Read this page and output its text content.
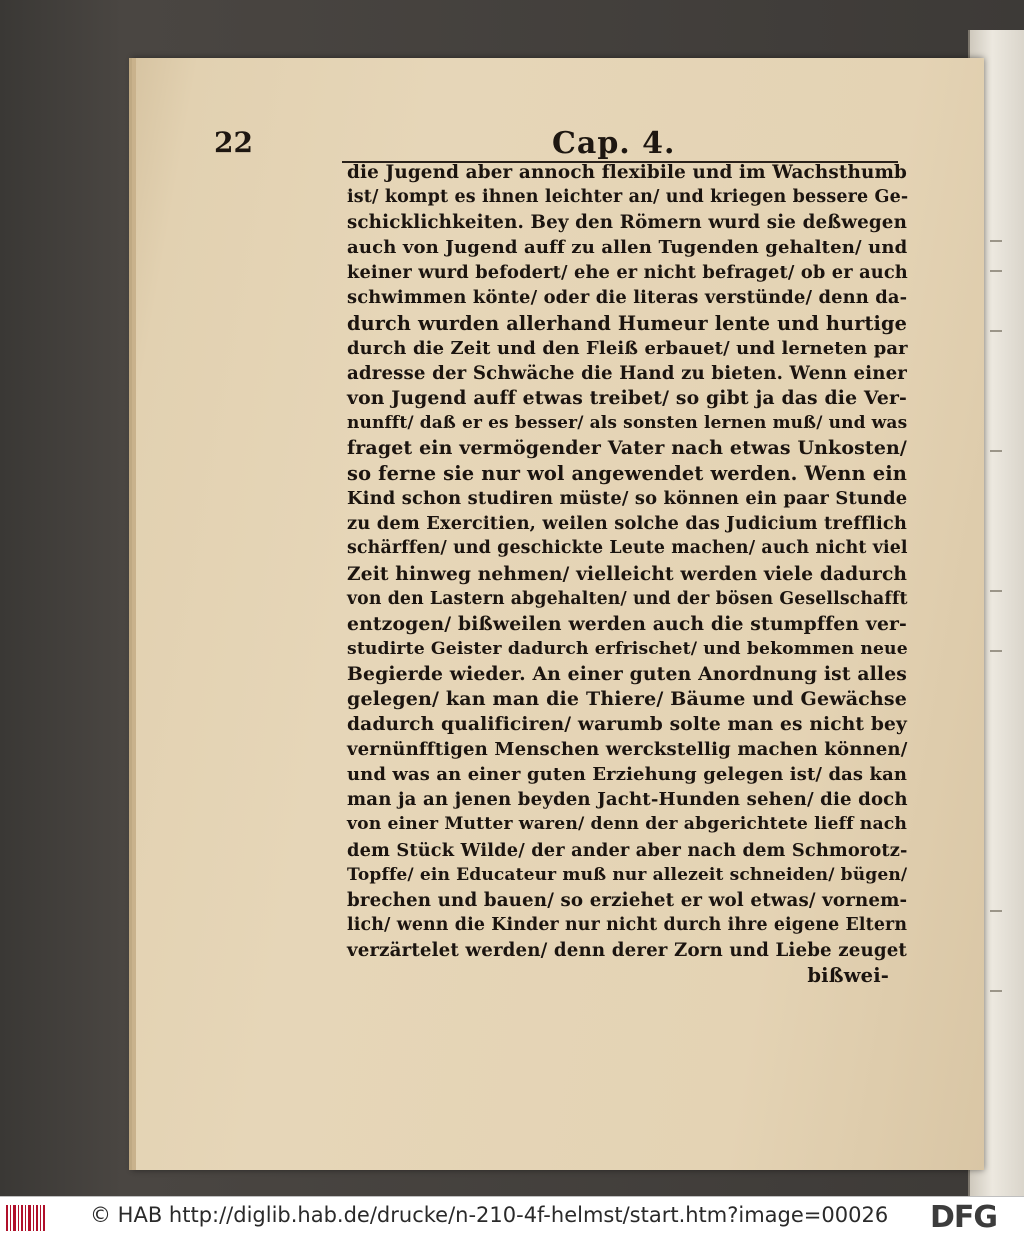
22	Cap. 4.
die Jugend aber annoch flexibile und im Wachsthumb
ist/ kompt es ihnen leichter an/ und kriegen bessere Ge-
schicklichkeiten. Bey den Römern wurd sie deßwegen
auch von Jugend auff zu allen Tugenden gehalten/ und
keiner wurd befodert/ ehe er nicht befraget/ ob er auch
schwimmen könte/ oder die literas verstünde/ denn da-
durch wurden allerhand Humeur lente und hurtige
durch die Zeit und den Fleiß erbauet/ und lerneten par
adresse der Schwäche die Hand zu bieten. Wenn einer
von Jugend auff etwas treibet/ so gibt ja das die Ver-
nunfft/ daß er es besser/ als sonsten lernen muß/ und was
fraget ein vermögender Vater nach etwas Unkosten/
so ferne sie nur wol angewendet werden. Wenn ein
Kind schon studiren müste/ so können ein paar Stunde
zu dem Exercitien, weilen solche das Judicium trefflich
schärffen/ und geschickte Leute machen/ auch nicht viel
Zeit hinweg nehmen/ vielleicht werden viele dadurch
von den Lastern abgehalten/ und der bösen Gesellschafft
entzogen/ bißweilen werden auch die stumpffen ver-
studirte Geister dadurch erfrischet/ und bekommen neue
Begierde wieder. An einer guten Anordnung ist alles
gelegen/ kan man die Thiere/ Bäume und Gewächse
dadurch qualificiren/ warumb solte man es nicht bey
vernünfftigen Menschen werckstellig machen können/
und was an einer guten Erziehung gelegen ist/ das kan
man ja an jenen beyden Jacht-Hunden sehen/ die doch
von einer Mutter waren/ denn der abgerichtete lieff nach
dem Stück Wilde/ der ander aber nach dem Schmorotz-
Topffe/ ein Educateur muß nur allezeit schneiden/ bügen/
brechen und bauen/ so erziehet er wol etwas/ vornem-
lich/ wenn die Kinder nur nicht durch ihre eigene Eltern
verzärtelet werden/ denn derer Zorn und Liebe zeuget
bißwei-
© HAB http://diglib.hab.de/drucke/n-210-4f-helmst/start.htm?image=00026 DFG
